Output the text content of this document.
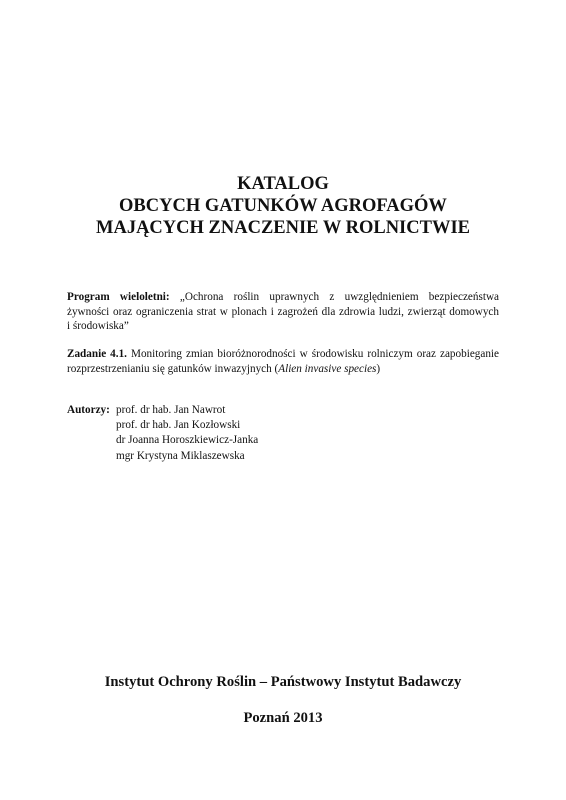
KATALOG
OBCYCH GATUNKÓW AGROFAGÓW
MAJĄCYCH ZNACZENIE W ROLNICTWIE
Program wieloletni: „Ochrona roślin uprawnych z uwzględnieniem bezpieczeństwa
żywności oraz ograniczenia strat w plonach i zagrożeń dla zdrowia ludzi, zwierząt domowych
i środowiska”
Zadanie 4.1. Monitoring zmian bioróżnorodności w środowisku rolniczym oraz zapobieganie
rozprzestrzenianiu się gatunków inwazyjnych (Alien invasive species)
Autorzy: prof. dr hab. Jan Nawrot
prof. dr hab. Jan Kozłowski
dr Joanna Horoszkiewicz-Janka
mgr Krystyna Miklaszewska
Instytut Ochrony Roślin – Państwowy Instytut Badawczy
Poznań 2013
